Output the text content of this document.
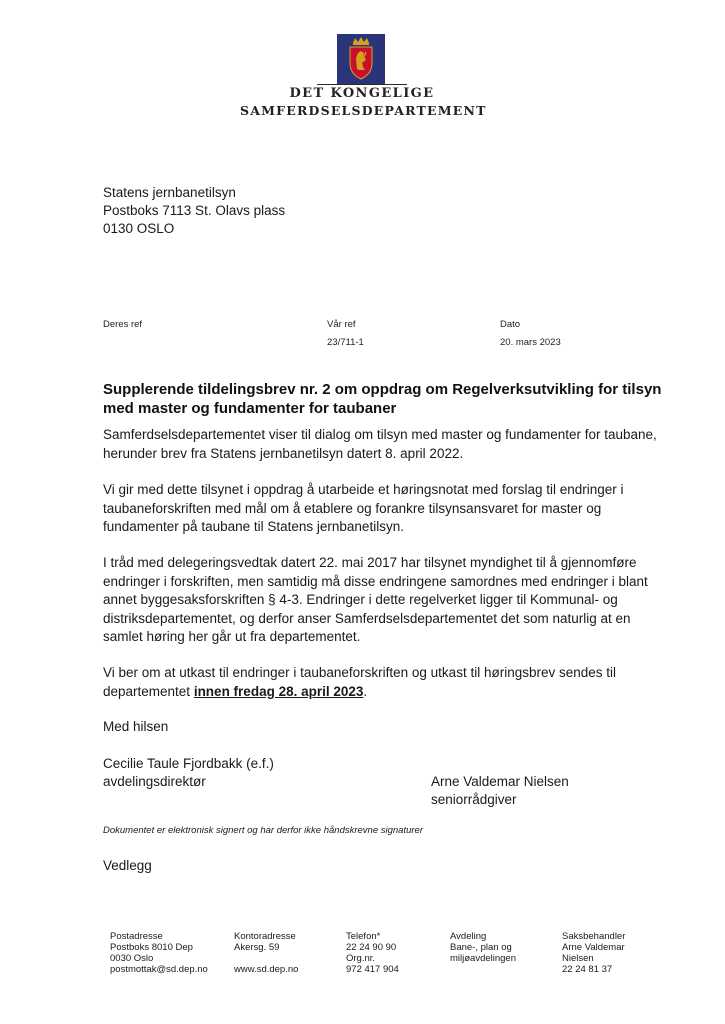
DET KONGELIGE
SAMFERDSELSDEPARTEMENT
Statens jernbanetilsyn
Postboks 7113 St. Olavs plass
0130 OSLO
Deres ref	Vår ref
23/711-1
Dato
20. mars 2023
Supplerende tildelingsbrev nr. 2 om oppdrag om Regelverksutvikling for tilsyn med master og fundamenter for taubaner
Samferdselsdepartementet viser til dialog om tilsyn med master og fundamenter for taubane, herunder brev fra Statens jernbanetilsyn datert 8. april 2022.
Vi gir med dette tilsynet i oppdrag å utarbeide et høringsnotat med forslag til endringer i taubaneforskriften med mål om å etablere og forankre tilsynsansvaret for master og fundamenter på taubane til Statens jernbanetilsyn.
I tråd med delegeringsvedtak datert 22. mai 2017 har tilsynet myndighet til å gjennomføre endringer i forskriften, men samtidig må disse endringene samordnes med endringer i blant annet byggesaksforskriften § 4-3. Endringer i dette regelverket ligger til Kommunal- og distriksdepartementet, og derfor anser Samferdselsdepartementet det som naturlig at en samlet høring her går ut fra departementet.
Vi ber om at utkast til endringer i taubaneforskriften og utkast til høringsbrev sendes til departementet innen fredag 28. april 2023.
Med hilsen
Cecilie Taule Fjordbakk (e.f.)
avdelingsdirektør	Arne Valdemar Nielsen
seniorrådgiver
Dokumentet er elektronisk signert og har derfor ikke håndskrevne signaturer
Vedlegg
Postadresse
Postboks 8010 Dep
0030 Oslo
postmottak@sd.dep.no
Kontoradresse
Akersg. 59

www.sd.dep.no
Telefon*
22 24 90 90
Org.nr.
972 417 904
Avdeling
Bane-, plan og
miljøavdelingen
Saksbehandler
Arne Valdemar
Nielsen
22 24 81 37
